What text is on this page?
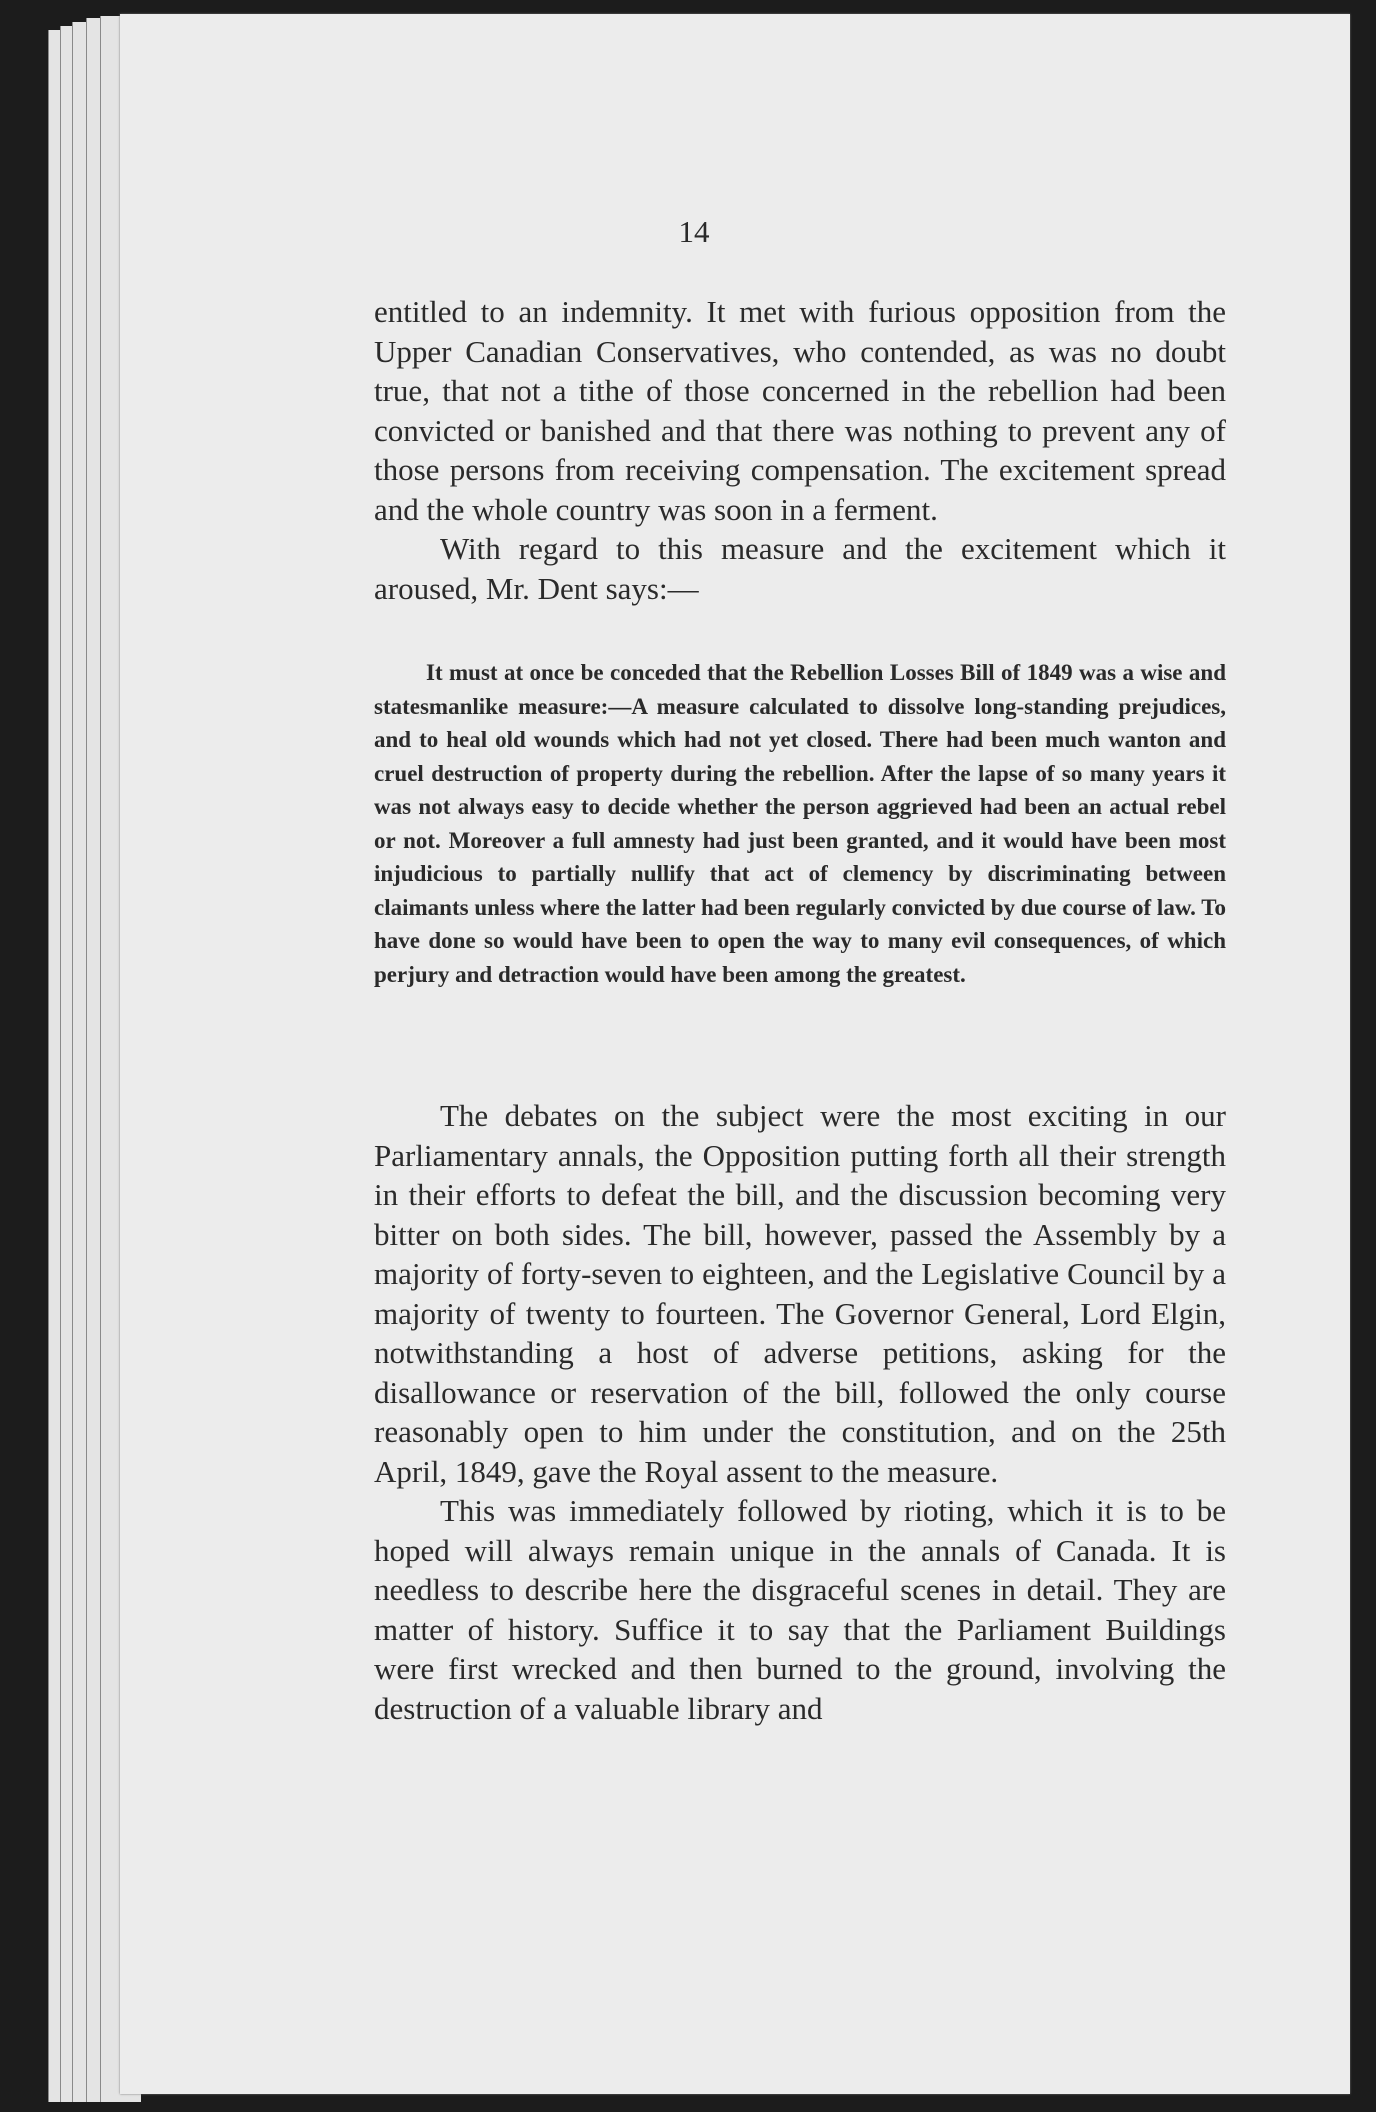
14

entitled to an indemnity. It met with furious opposition from the Upper Canadian Conservatives, who contended, as was no doubt true, that not a tithe of those concerned in the rebellion had been convicted or banished and that there was nothing to prevent any of those persons from receiving compensation. The excitement spread and the whole country was soon in a ferment.

With regard to this measure and the excitement which it aroused, Mr. Dent says:—

It must at once be conceded that the Rebellion Losses Bill of 1849 was a wise and statesmanlike measure:—A measure calculated to dissolve long-standing prejudices, and to heal old wounds which had not yet closed. There had been much wanton and cruel destruction of property during the rebellion. After the lapse of so many years it was not always easy to decide whether the person aggrieved had been an actual rebel or not. Moreover a full amnesty had just been granted, and it would have been most injudicious to partially nullify that act of clemency by discriminating between claimants unless where the latter had been regularly convicted by due course of law. To have done so would have been to open the way to many evil consequences, of which perjury and detraction would have been among the greatest.

The debates on the subject were the most exciting in our Parliamentary annals, the Opposition putting forth all their strength in their efforts to defeat the bill, and the discussion becoming very bitter on both sides. The bill, however, passed the Assembly by a majority of forty-seven to eighteen, and the Legislative Council by a majority of twenty to fourteen. The Governor General, Lord Elgin, notwithstanding a host of adverse petitions, asking for the disallowance or reservation of the bill, followed the only course reasonably open to him under the constitution, and on the 25th April, 1849, gave the Royal assent to the measure.

This was immediately followed by rioting, which it is to be hoped will always remain unique in the annals of Canada. It is needless to describe here the disgraceful scenes in detail. They are matter of history. Suffice it to say that the Parliament Buildings were first wrecked and then burned to the ground, involving the destruction of a valuable library and
